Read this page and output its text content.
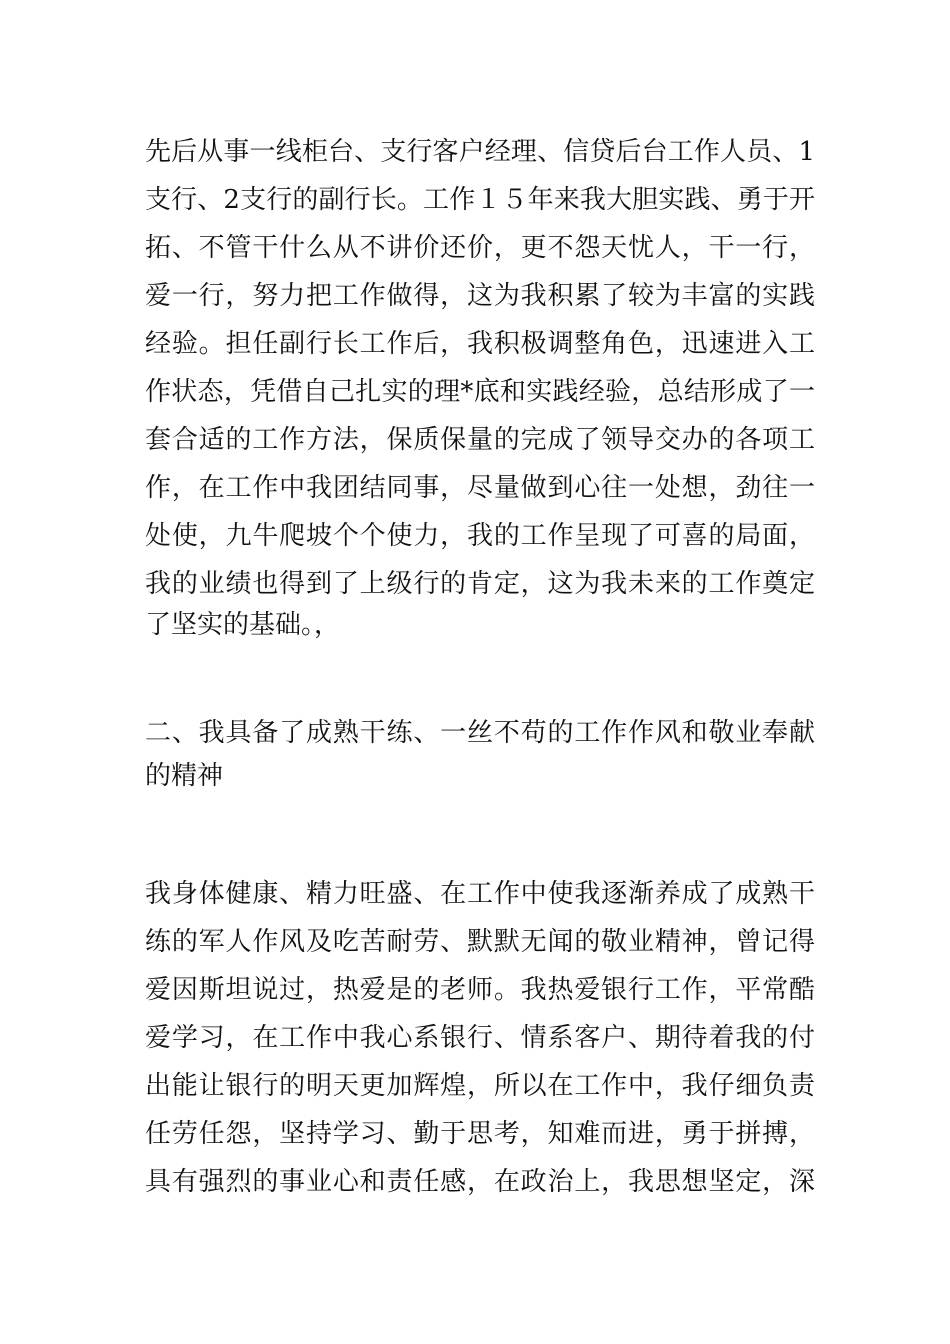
先后从事一线柜台、支行客户经理、信贷后台工作人员、1
支行、2支行的副行长。工作１５年来我大胆实践、勇于开
拓、不管干什么从不讲价还价，更不怨天忧人，干一行，
爱一行，努力把工作做得，这为我积累了较为丰富的实践
经验。担任副行长工作后，我积极调整角色，迅速进入工
作状态，凭借自己扎实的理*底和实践经验，总结形成了一
套合适的工作方法，保质保量的完成了领导交办的各项工
作，在工作中我团结同事，尽量做到心往一处想，劲往一
处使，九牛爬坡个个使力，我的工作呈现了可喜的局面，
我的业绩也得到了上级行的肯定，这为我未来的工作奠定
了坚实的基础。，
二、我具备了成熟干练、一丝不苟的工作作风和敬业奉献
的精神
我身体健康、精力旺盛、在工作中使我逐渐养成了成熟干
练的军人作风及吃苦耐劳、默默无闻的敬业精神，曾记得
爱因斯坦说过，热爱是的老师。我热爱银行工作，平常酷
爱学习，在工作中我心系银行、情系客户、期待着我的付
出能让银行的明天更加辉煌，所以在工作中，我仔细负责
任劳任怨，坚持学习、勤于思考，知难而进，勇于拼搏，
具有强烈的事业心和责任感，在政治上，我思想坚定，深
